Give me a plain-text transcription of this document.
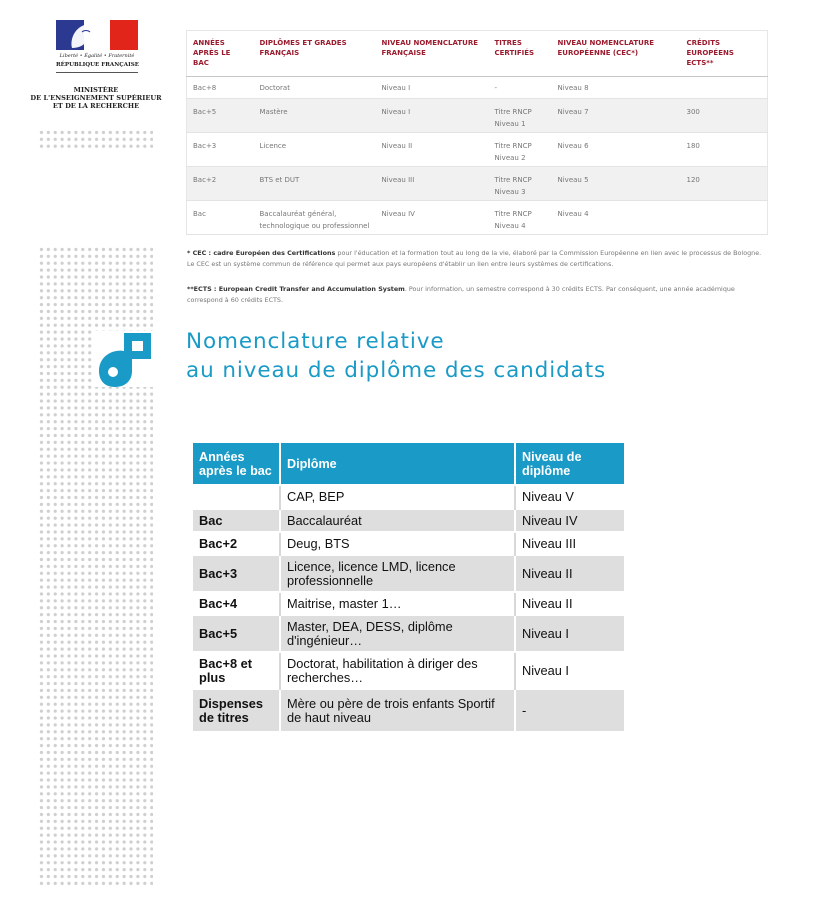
Liberté • Égalité • Fraternité
RÉPUBLIQUE FRANÇAISE
MINISTÈRE
DE L'ENSEIGNEMENT SUPÉRIEUR
ET DE LA RECHERCHE
ANNÉES APRÈS LE BAC	DIPLÔMES ET GRADES FRANÇAIS	NIVEAU NOMENCLATURE FRANÇAISE	TITRES CERTIFIÉS	NIVEAU NOMENCLATURE EUROPÉENNE (CEC*)	CRÉDITS EUROPÉENS ECTS**
Bac+8	Doctorat	Niveau I	-	Niveau 8	
Bac+5	Mastère	Niveau I	Titre RNCP Niveau 1	Niveau 7	300
Bac+3	Licence	Niveau II	Titre RNCP Niveau 2	Niveau 6	180
Bac+2	BTS et DUT	Niveau III	Titre RNCP Niveau 3	Niveau 5	120
Bac	Baccalauréat général, technologique ou professionnel	Niveau IV	Titre RNCP Niveau 4	Niveau 4	

* CEC : cadre Européen des Certifications pour l'éducation et la formation tout au long de la vie, élaboré par la Commission Européenne en lien avec le processus de Bologne. Le CEC est un système commun de référence qui permet aux pays européens d'établir un lien entre leurs systèmes de certifications.

**ECTS : European Credit Transfer and Accumulation System. Pour information, un semestre correspond à 30 crédits ECTS. Par conséquent, une année académique correspond à 60 crédits ECTS.

Nomenclature relative
au niveau de diplôme des candidats
Années après le bac	Diplôme	Niveau de diplôme
	CAP, BEP	Niveau V
Bac	Baccalauréat	Niveau IV
Bac+2	Deug, BTS	Niveau III
Bac+3	Licence, licence LMD, licence professionnelle	Niveau II
Bac+4	Maitrise, master 1…	Niveau II
Bac+5	Master, DEA, DESS, diplôme d'ingénieur…	Niveau I
Bac+8 et plus	Doctorat, habilitation à diriger des recherches…	Niveau I
Dispenses de titres	Mère ou père de trois enfants Sportif de haut niveau	-
